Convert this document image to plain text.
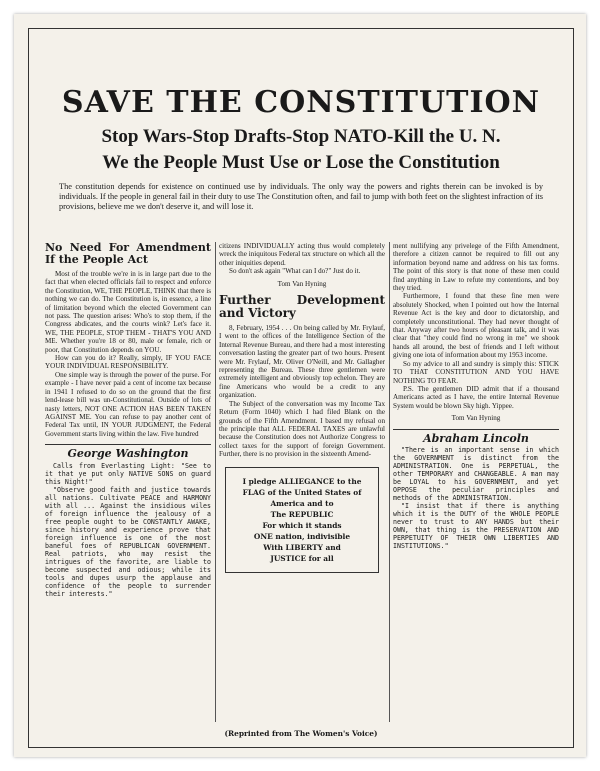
SAVE THE CONSTITUTION
Stop Wars-Stop Drafts-Stop NATO-Kill the U. N.
We the People Must Use or Lose the Constitution
The constitution depends for existence on continued use by individuals. The only way the powers and rights therein can be invoked is by individuals. If the people in general fail in their duty to use The Constitution often, and fail to jump with both feet on the slightest infraction of its provisions, believe me we don't deserve it, and will lose it.
No Need For Amendment If the People Act

Most of the trouble we're in is in large part due to the fact that when elected officials fail to respect and enforce the Constitution, WE, THE PEOPLE, THINK that there is nothing we can do. The Constitution is, in essence, a line of limitation beyond which the elected Government can not pass. The question arises: Who's to stop them, if the Congress abdicates, and the courts wink? Let's face it. WE, THE PEOPLE, STOP THEM - THAT'S YOU AND ME. Whether you're 18 or 80, male or female, rich or poor, that Constitution depends on YOU.

How can you do it? Really, simply, IF YOU FACE YOUR INDIVIDUAL RESPONSIBILITY.

One simple way is through the power of the purse. For example - I have never paid a cent of income tax because in 1941 I refused to do so on the ground that the first lend-lease bill was un-Constitutional. Outside of lots of nasty letters, NOT ONE ACTION HAS BEEN TAKEN AGAINST ME. You can refuse to pay another cent of Federal Tax until, IN YOUR JUDGMENT, the Federal Government starts living within the law. Five hundred

George Washington

Calls from Everlasting Light: "See to it that ye put only NATIVE SONS on guard this Night!"

"Observe good faith and justice towards all nations. Cultivate PEACE and HARMONY with all ... Against the insidious wiles of foreign influence the jealousy of a free people ought to be CONSTANTLY AWAKE, since history and experience prove that foreign influence is one of the most baneful foes of REPUBLICAN GOVERNMENT. Real patriots, who may resist the intrigues of the favorite, are liable to become suspected and odious; while its tools and dupes usurp the applause and confidence of the people to surrender their interests."

citizens INDIVIDUALLY acting thus would completely wreck the iniquitous Federal tax structure on which all the other iniquities depend.

So don't ask again "What can I do?" Just do it.

Tom Van Hyning

Further Development and Victory

8, February, 1954 . . . On being called by Mr. Frylauf, I went to the offices of the Intelligence Section of the Internal Revenue Bureau, and there had a most interesting conversation lasting the greater part of two hours. Present were Mr. Frylauf, Mr. Oliver O'Neill, and Mr. Gallagher representing the Bureau. These three gentlemen were extremely intelligent and obviously top echelon. They are fine Americans who would be a credit to any organization.

The Subject of the conversation was my Income Tax Return (Form 1040) which I had filed Blank on the grounds of the Fifth Amendment. I based my refusal on the principle that ALL FEDERAL TAXES are unlawful because the Constitution does not Authorize Congress to collect taxes for the support of foreign Government. Further, there is no provision in the sixteenth Amend-

I pledge ALLIEGANCE to the
FLAG of the United States of
America and to
The REPUBLIC
For which it stands
ONE nation, indivisible
With LIBERTY and
JUSTICE for all

ment nullifying any privelege of the Fifth Amendment, therefore a citizen cannot be required to fill out any information beyond name and address on his tax forms. The point of this story is that none of these men could find anything in Law to refute my contentions, and boy they tried.

Furthermore, I found that these fine men were absolutely Shocked, when I pointed out how the Internal Revenue Act is the key and door to dictatorship, and completely unconstitutional. They had never thought of that. Anyway after two hours of pleasant talk, and it was clear that "they could find no wrong in me" we shook hands all around, the best of friends and I left without giving one iota of information about my 1953 income.

So my advice to all and sundry is simply this: STICK TO THAT CONSTITUTION AND YOU HAVE NOTHING TO FEAR.

P.S. The gentlemen DID admit that if a thousand Americans acted as I have, the entire Internal Revenue System would be blown Sky high. Yippee.

Tom Van Hyning

Abraham Lincoln

"There is an important sense in which the GOVERNMENT is distinct from the ADMINISTRATION. One is PERPETUAL, the other TEMPORARY and CHANGEABLE. A man may be LOYAL to his GOVERNMENT, and yet OPPOSE the peculiar principles and methods of the ADMINISTRATION.

"I insist that if there is anything which it is the DUTY of the WHOLE PEOPLE never to trust to ANY HANDS but their OWN, that thing is the PRESERVATION AND PERPETUITY OF THEIR OWN LIBERTIES AND INSTITUTIONS."

(Reprinted from The Women's Voice)
